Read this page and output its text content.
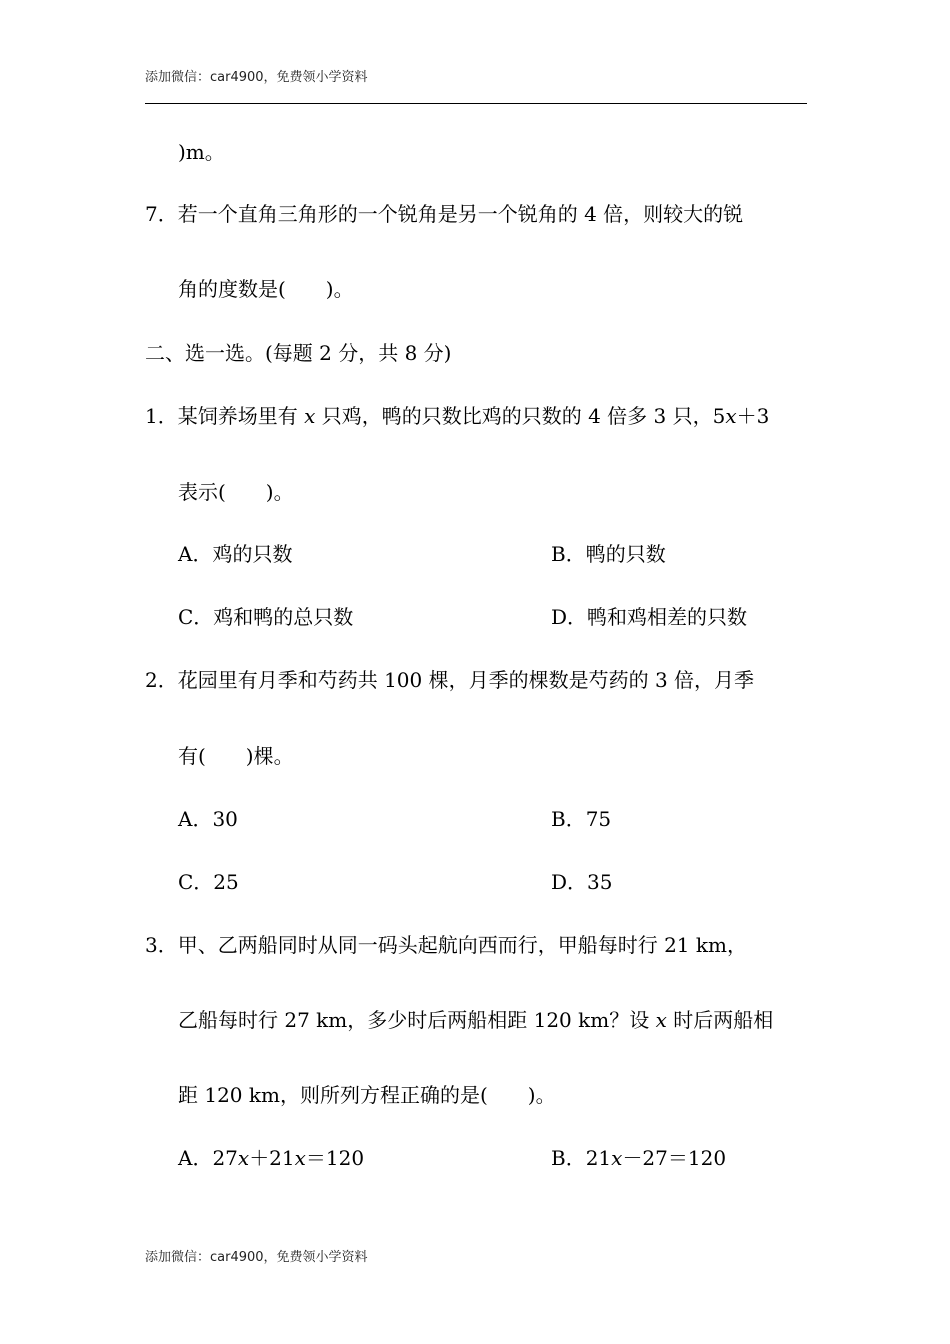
添加微信：car4900，免费领小学资料
)m。
7．若一个直角三角形的一个锐角是另一个锐角的 4 倍，则较大的锐
角的度数是(　　)。
二、选一选。(每题 2 分，共 8 分)
1．某饲养场里有 x 只鸡，鸭的只数比鸡的只数的 4 倍多 3 只，5x＋3
表示(　　)。
A．鸡的只数	B．鸭的只数
C．鸡和鸭的总只数	D．鸭和鸡相差的只数
2．花园里有月季和芍药共 100 棵，月季的棵数是芍药的 3 倍，月季
有(　　)棵。
A．30	B．75
C．25	D．35
3．甲、乙两船同时从同一码头起航向西而行，甲船每时行 21 km，
乙船每时行 27 km，多少时后两船相距 120 km？设 x 时后两船相
距 120 km，则所列方程正确的是(　　)。
A．27x＋21x＝120	B．21x－27＝120
添加微信：car4900，免费领小学资料
